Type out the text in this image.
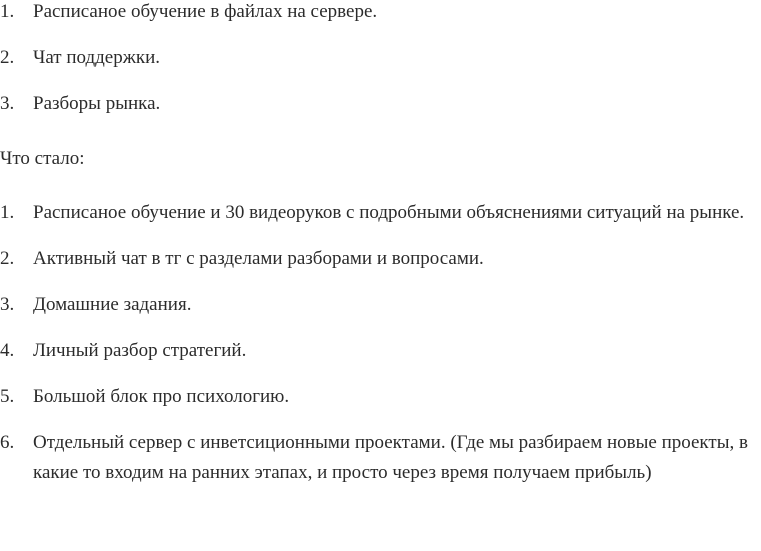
1. Расписаное обучение в файлах на сервере.
2. Чат поддержки.
3. Разборы рынка.

Что стало:

1. Расписаное обучение и 30 видеоруков с подробными объяснениями ситуаций на рынке.
2. Активный чат в тг с разделами разборами и вопросами.
3. Домашние задания.
4. Личный разбор стратегий.
5. Большой блок про психологию.
6. Отдельный сервер с инветсиционными проектами. (Где мы разбираем новые проекты, в какие то входим на ранних этапах, и просто через время получаем прибыль)
